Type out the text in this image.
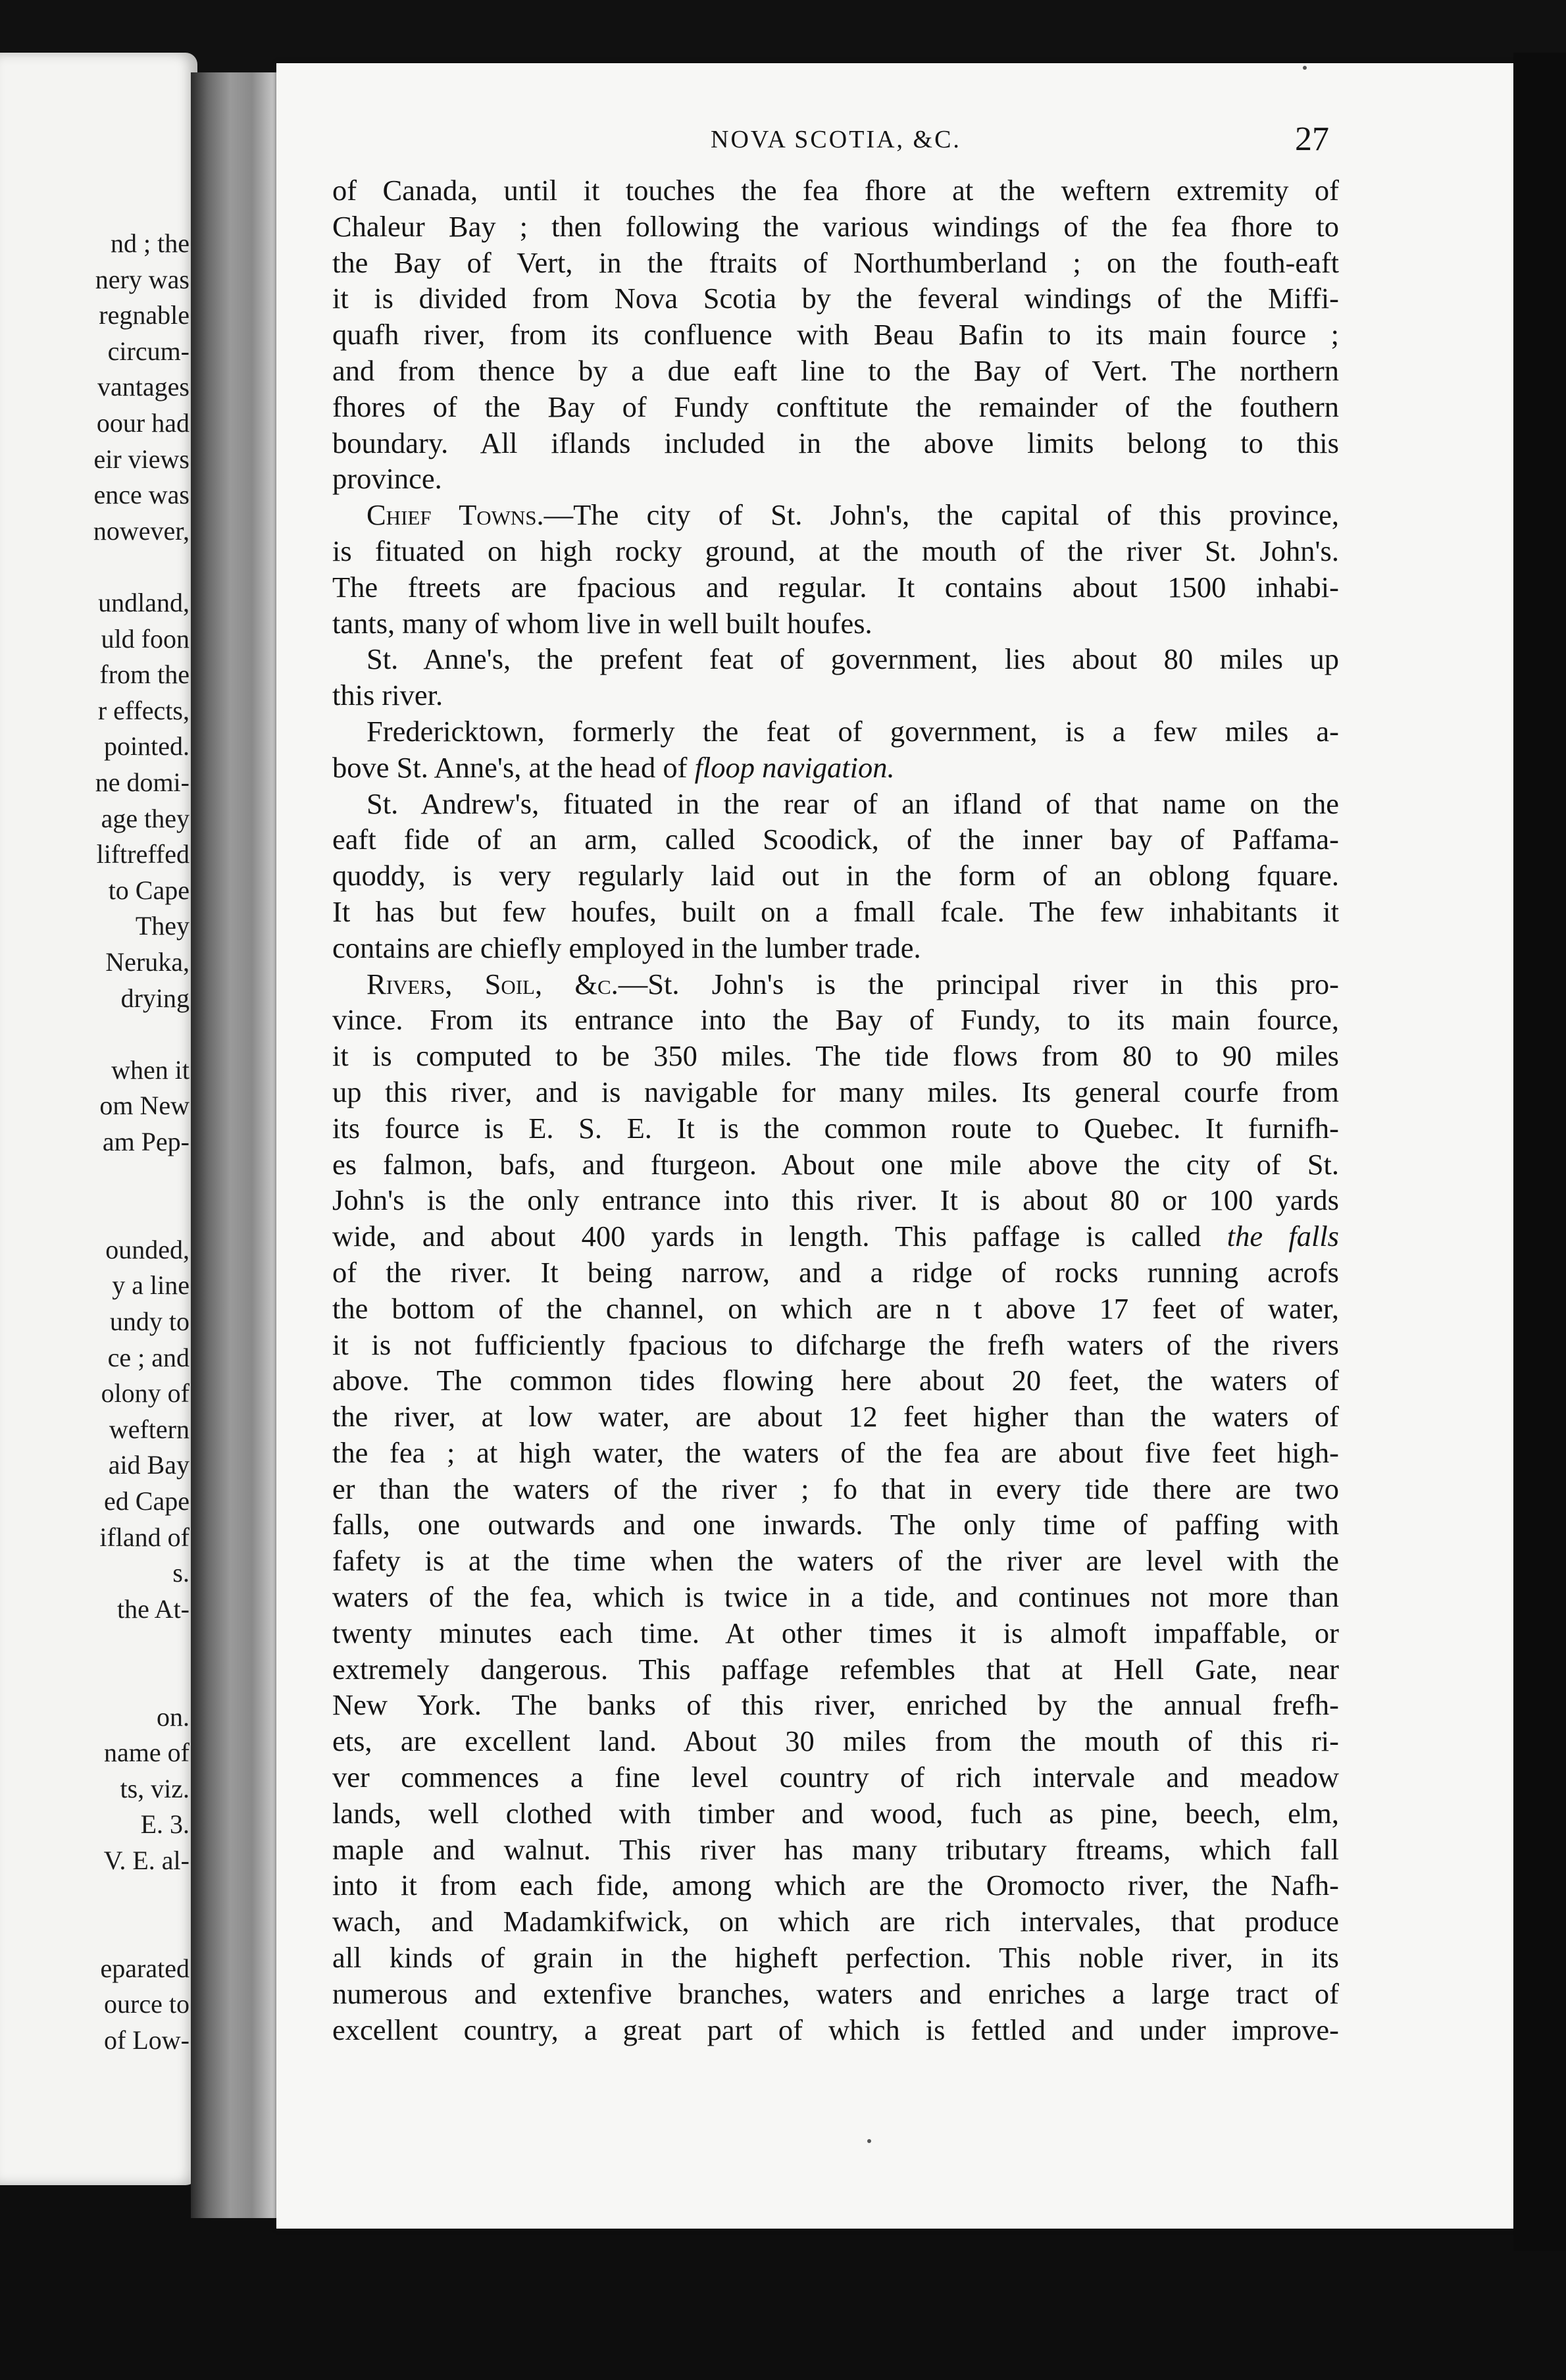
nd ; the
nery was
regnable
circum-
vantages
oour had
eir views
ence was
nowever,
undland,
uld foon
from the
r effects,
pointed.
ne domi-
age they
liftreffed
to Cape
They
Neruka,
drying
when it
om New
am Pep-
ounded,
y a line
undy to
ce ; and
olony of
weftern
aid Bay
ed Cape
ifland of
s.
the At-
on.
name of
ts, viz.
E. 3.
V. E. al-
eparated
ource to
of Low-
NOVA SCOTIA, &C.	27
of Canada, until it touches the fea fhore at the weftern extremity of
Chaleur Bay ; then following the various windings of the fea fhore to
the Bay of Vert, in the ftraits of Northumberland ; on the fouth-eaft
it is divided from Nova Scotia by the feveral windings of the Miffi-
quafh river, from its confluence with Beau Bafin to its main fource ;
and from thence by a due eaft line to the Bay of Vert. The northern
fhores of the Bay of Fundy conftitute the remainder of the fouthern
boundary. All iflands included in the above limits belong to this
province.
Chief Towns.—The city of St. John's, the capital of this province,
is fituated on high rocky ground, at the mouth of the river St. John's.
The ftreets are fpacious and regular. It contains about 1500 inhabi-
tants, many of whom live in well built houfes.
St. Anne's, the prefent feat of government, lies about 80 miles up
this river.
Fredericktown, formerly the feat of government, is a few miles a-
bove St. Anne's, at the head of floop navigation.
St. Andrew's, fituated in the rear of an ifland of that name on the
eaft fide of an arm, called Scoodick, of the inner bay of Paffama-
quoddy, is very regularly laid out in the form of an oblong fquare.
It has but few houfes, built on a fmall fcale. The few inhabitants it
contains are chiefly employed in the lumber trade.
Rivers, Soil, &c.—St. John's is the principal river in this pro-
vince. From its entrance into the Bay of Fundy, to its main fource,
it is computed to be 350 miles. The tide flows from 80 to 90 miles
up this river, and is navigable for many miles. Its general courfe from
its fource is E. S. E. It is the common route to Quebec. It furnifh-
es falmon, bafs, and fturgeon. About one mile above the city of St.
John's is the only entrance into this river. It is about 80 or 100 yards
wide, and about 400 yards in length. This paffage is called the falls
of the river. It being narrow, and a ridge of rocks running acrofs
the bottom of the channel, on which are n t above 17 feet of water,
it is not fufficiently fpacious to difcharge the frefh waters of the rivers
above. The common tides flowing here about 20 feet, the waters of
the river, at low water, are about 12 feet higher than the waters of
the fea ; at high water, the waters of the fea are about five feet high-
er than the waters of the river ; fo that in every tide there are two
falls, one outwards and one inwards. The only time of paffing with
fafety is at the time when the waters of the river are level with the
waters of the fea, which is twice in a tide, and continues not more than
twenty minutes each time. At other times it is almoft impaffable, or
extremely dangerous. This paffage refembles that at Hell Gate, near
New York. The banks of this river, enriched by the annual frefh-
ets, are excellent land. About 30 miles from the mouth of this ri-
ver commences a fine level country of rich intervale and meadow
lands, well clothed with timber and wood, fuch as pine, beech, elm,
maple and walnut. This river has many tributary ftreams, which fall
into it from each fide, among which are the Oromocto river, the Nafh-
wach, and Madamkifwick, on which are rich intervales, that produce
all kinds of grain in the higheft perfection. This noble river, in its
numerous and extenfive branches, waters and enriches a large tract of
excellent country, a great part of which is fettled and under improve-
